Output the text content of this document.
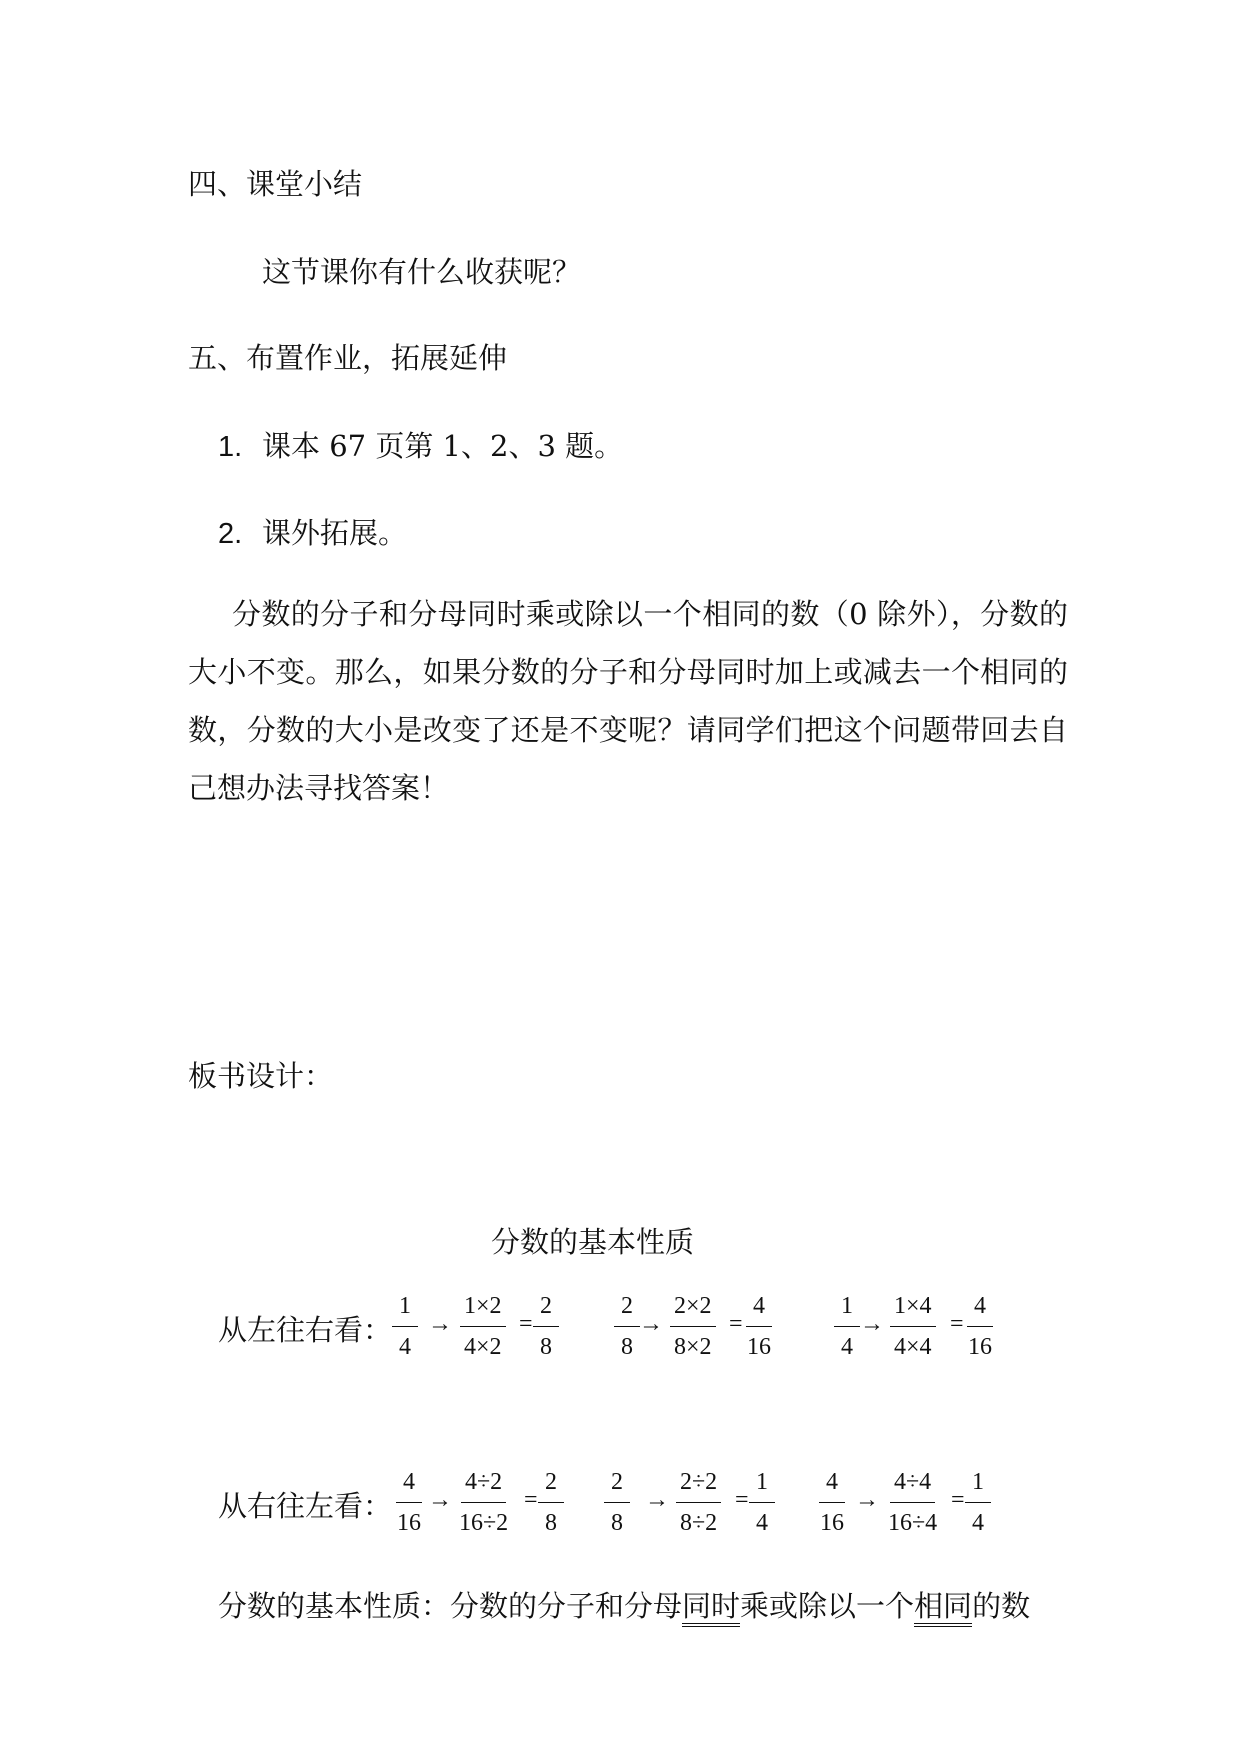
四、课堂小结
这节课你有什么收获呢？
五、布置作业，拓展延伸
1. 课本 67 页第 1、2、3 题。
2. 课外拓展。
分数的分子和分母同时乘或除以一个相同的数（0 除外），分数的大小不变。那么，如果分数的分子和分母同时加上或减去一个相同的数，分数的大小是改变了还是不变呢？请同学们把这个问题带回去自己想办法寻找答案！
板书设计：
分数的基本性质
从左往右看： $\frac{1}{4} \to \frac{1\times 2}{4\times 2} = \frac{2}{8} \frac{2}{8} \to \frac{2\times 2}{8\times 2} = \frac{4}{16} \frac{1}{4} \to \frac{1\times 4}{4\times 4} = \frac{4}{16}$
从右往左看： $\frac{4}{16} \to \frac{4\div 2}{16\div 2} = \frac{2}{8} \frac{2}{8} \to \frac{2\div 2}{8\div 2} = \frac{1}{4} \frac{4}{16} \to \frac{4\div 4}{16\div 4} = \frac{1}{4}$
分数的基本性质：分数的分子和分母同时乘或除以一个相同的数
